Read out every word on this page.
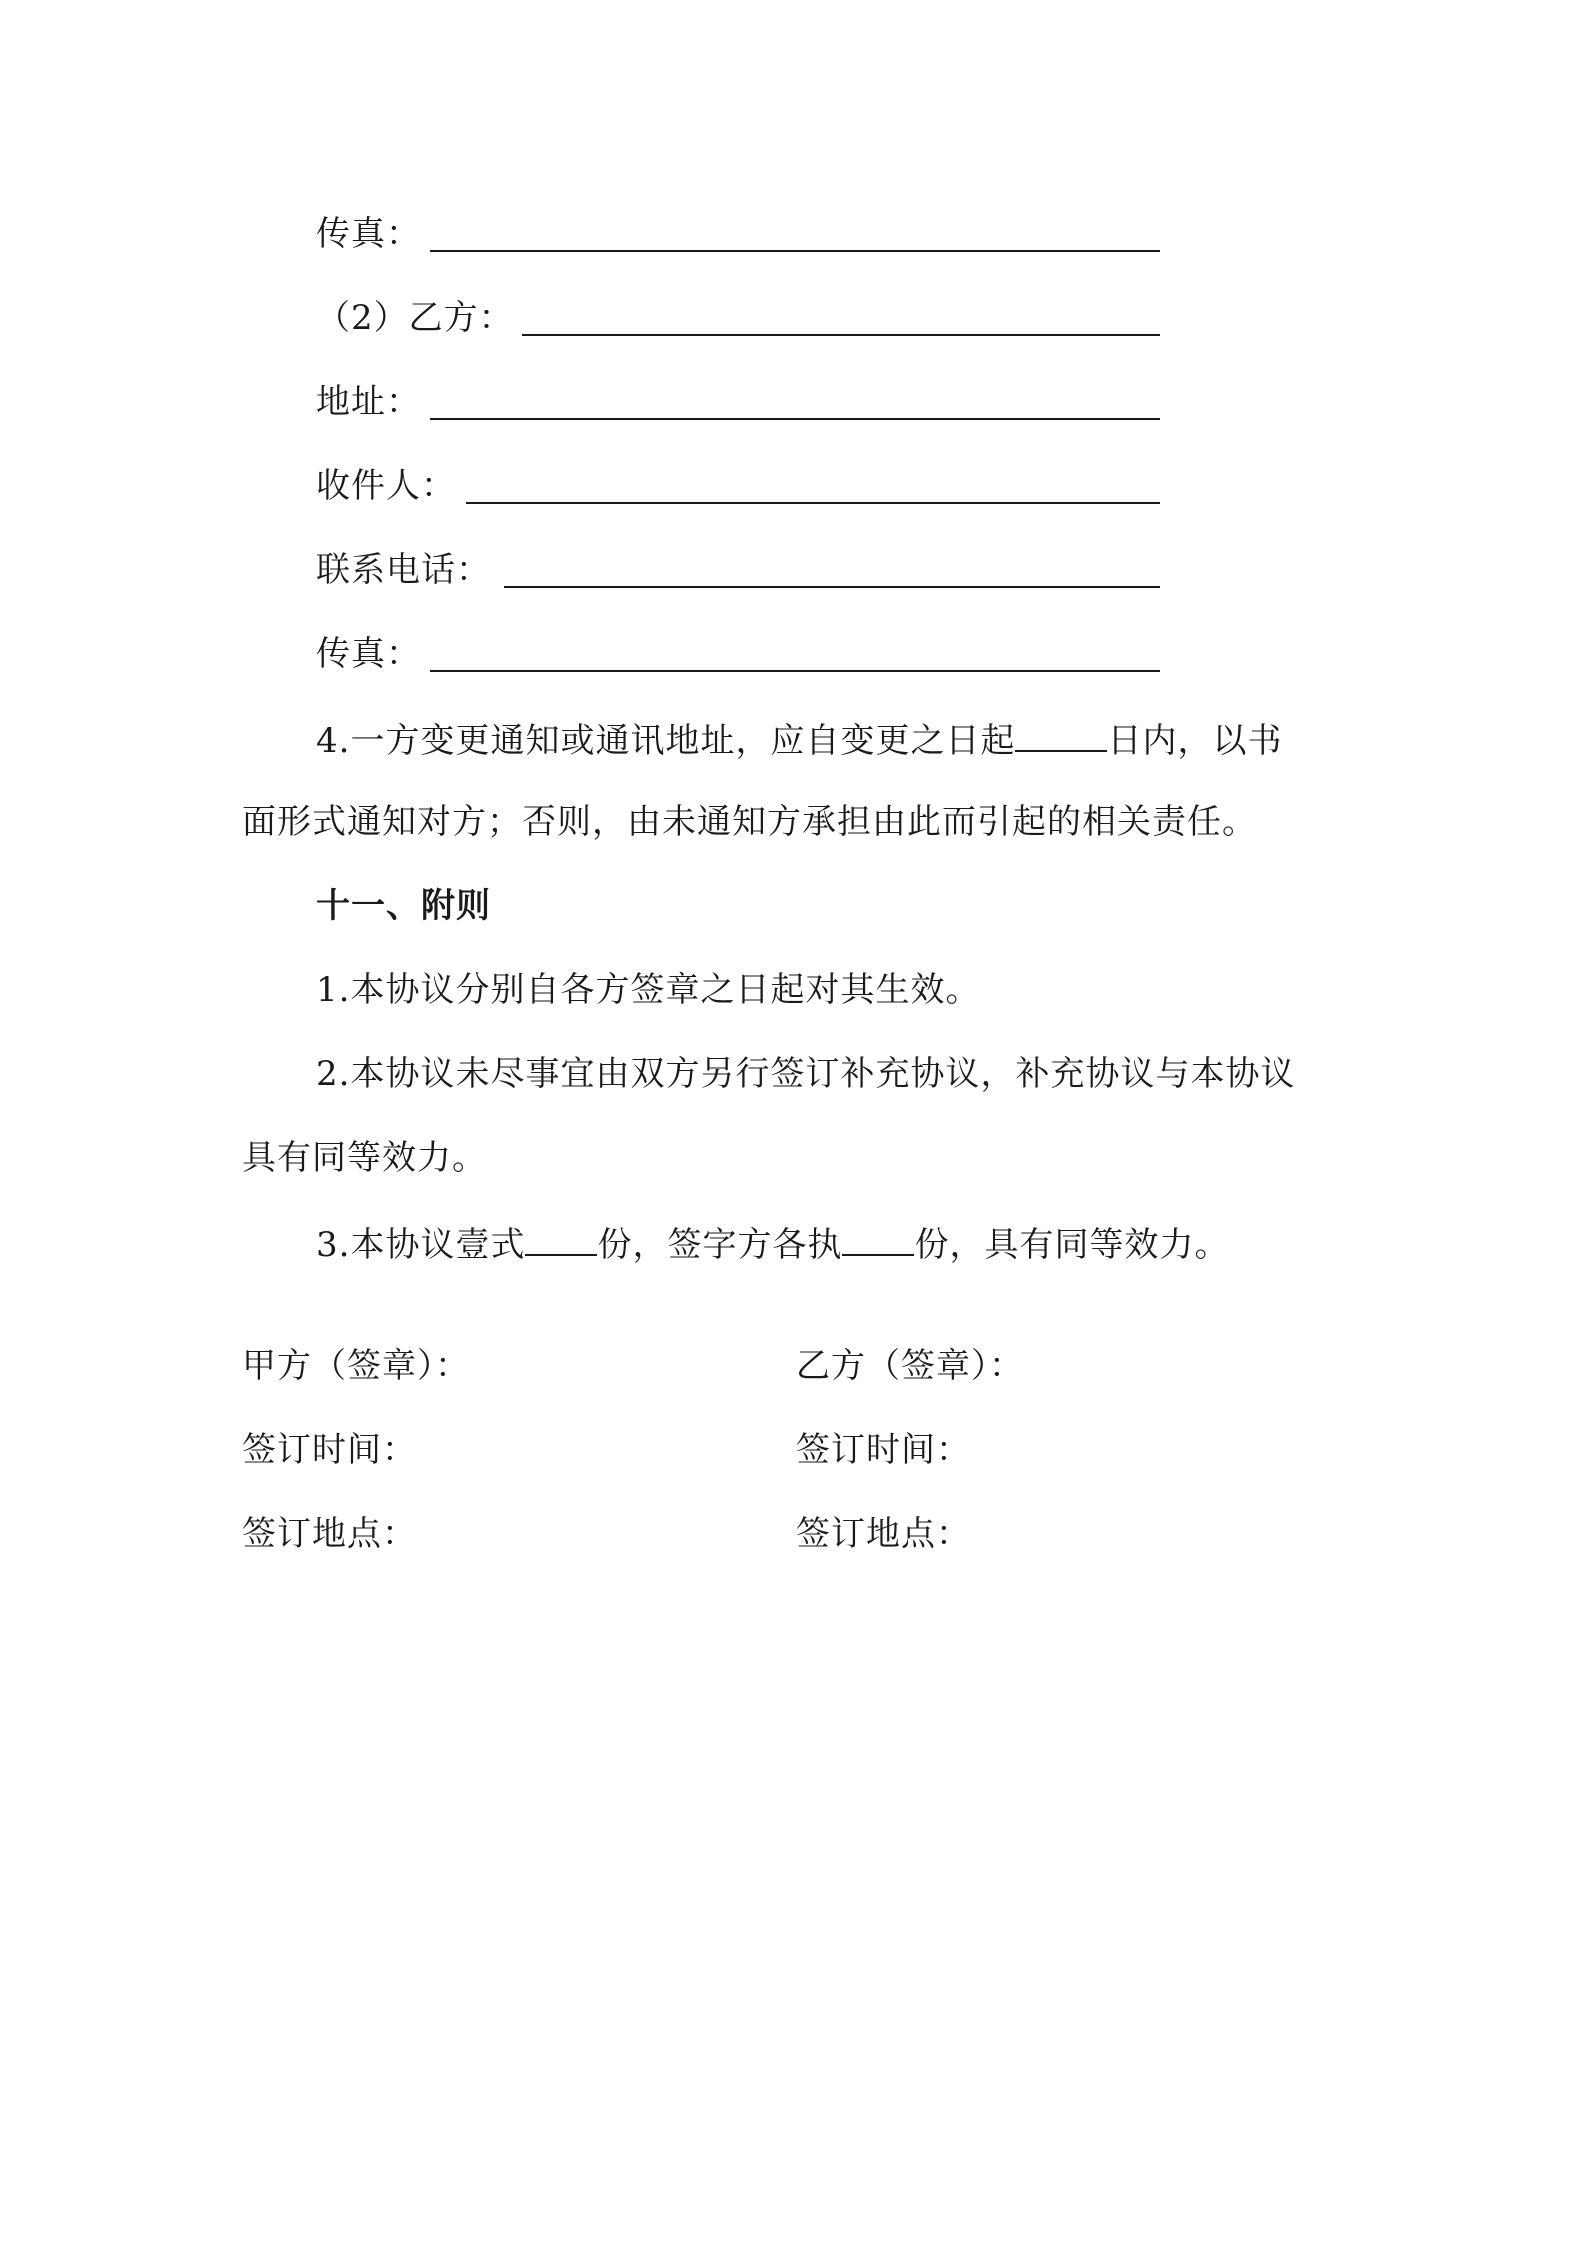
传真：
（2）乙方：
地址：
收件人：
联系电话：
传真：
4.一方变更通知或通讯地址，应自变更之日起	日内，以书
面形式通知对方；否则，由未通知方承担由此而引起的相关责任。
十一、附则
1.本协议分别自各方签章之日起对其生效。
2.本协议未尽事宜由双方另行签订补充协议，补充协议与本协议
具有同等效力。
3.本协议壹式 份，签字方各执 份，具有同等效力。
甲方（签章）：
签订时间：
签订地点：
乙方（签章）：
签订时间：
签订地点：
